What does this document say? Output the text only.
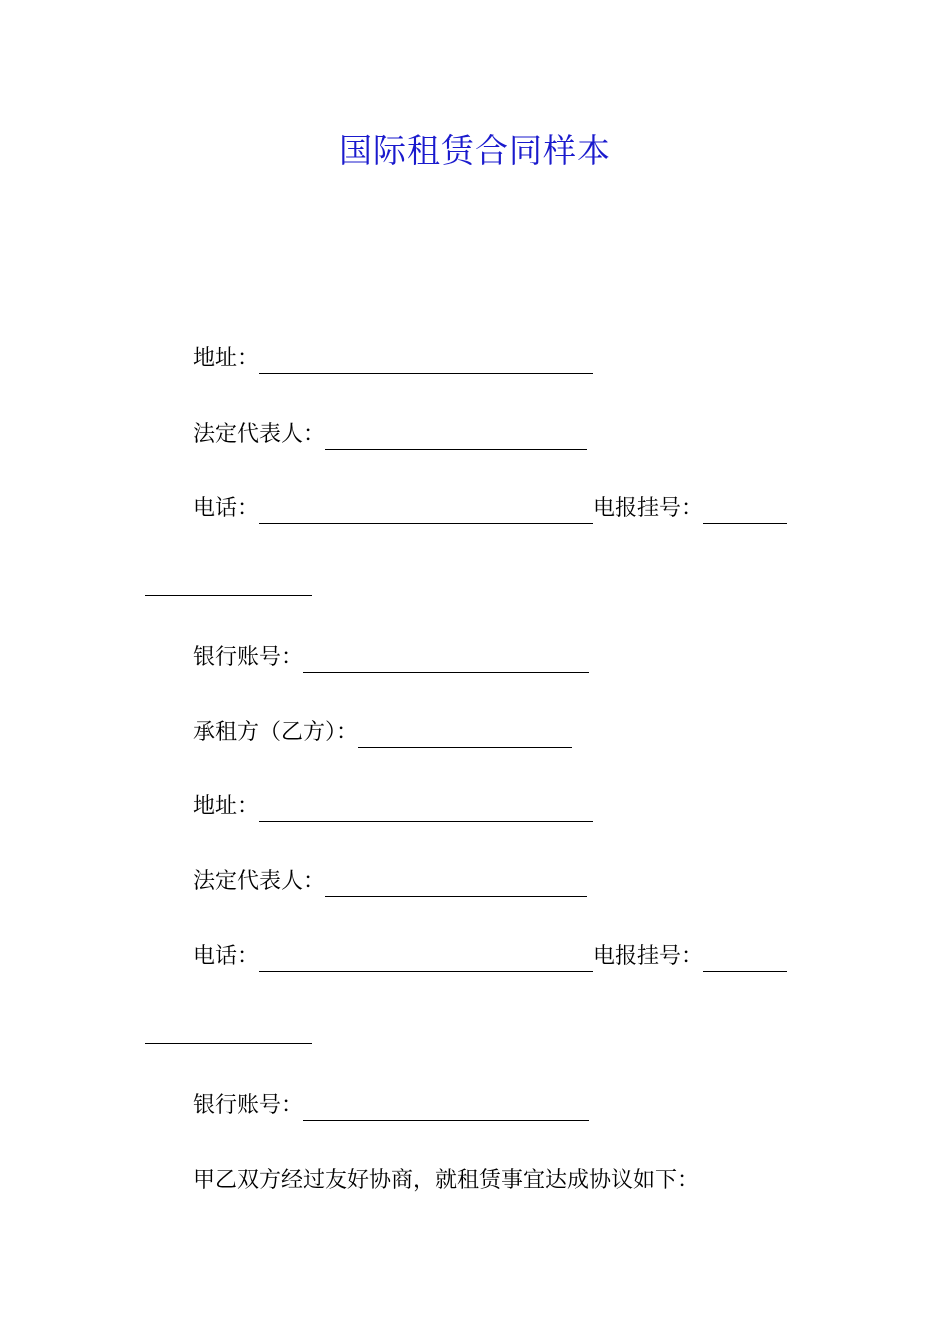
国际租赁合同样本
地址：
法定代表人：
电话：	电报挂号：
银行账号：
承租方（乙方）：
地址：
法定代表人：
电话：	电报挂号：
银行账号：
甲乙双方经过友好协商，就租赁事宜达成协议如下：
